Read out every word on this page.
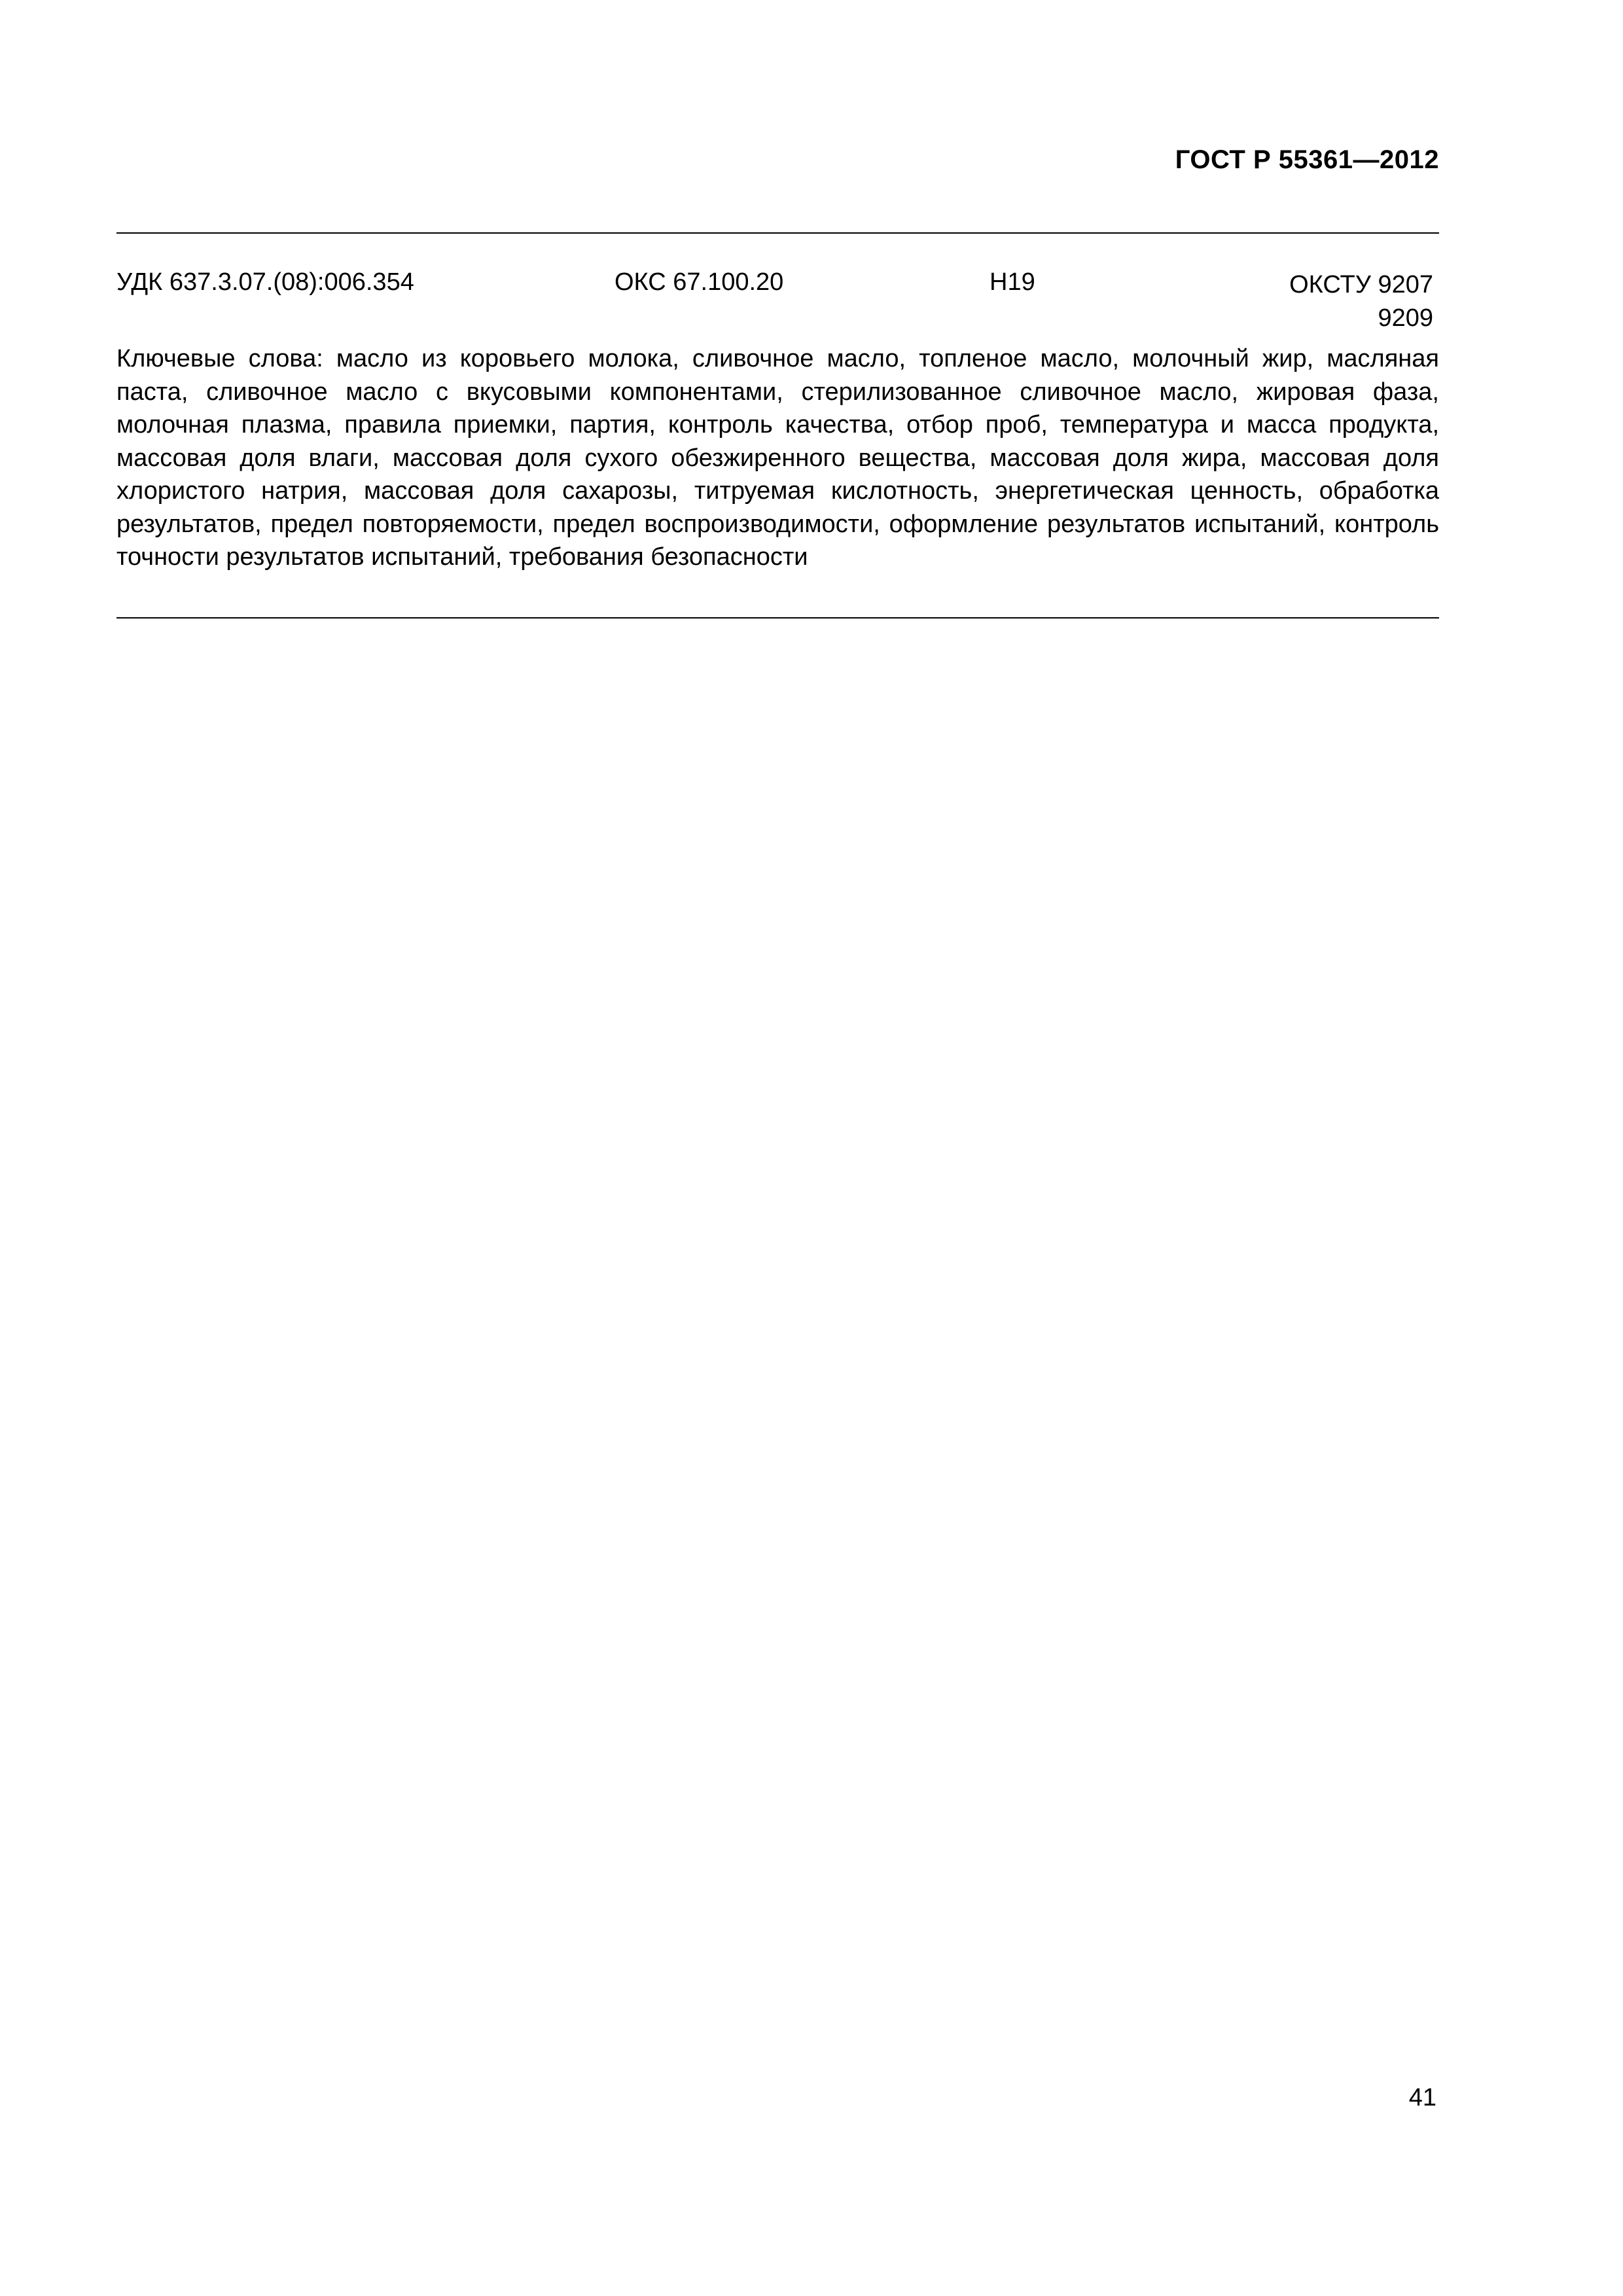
ГОСТ Р 55361—2012
УДК 637.3.07.(08):006.354	ОКС 67.100.20	Н19	ОКСТУ 9207
9209
Ключевые слова: масло из коровьего молока, сливочное масло, топленое масло, молочный жир, масляная паста, сливочное масло с вкусовыми компонентами, стерилизованное сливочное масло, жировая фаза, молочная плазма, правила приемки, партия, контроль качества, отбор проб, температура и масса продукта, массовая доля влаги, массовая доля сухого обезжиренного вещества, массовая доля жира, массовая доля хлористого натрия, массовая доля сахарозы, титруемая кислотность, энергетическая ценность, обработка результатов, предел повторяемости, предел воспроизводимости, оформление результатов испытаний, контроль точности результатов испытаний, требования безопасности
41
